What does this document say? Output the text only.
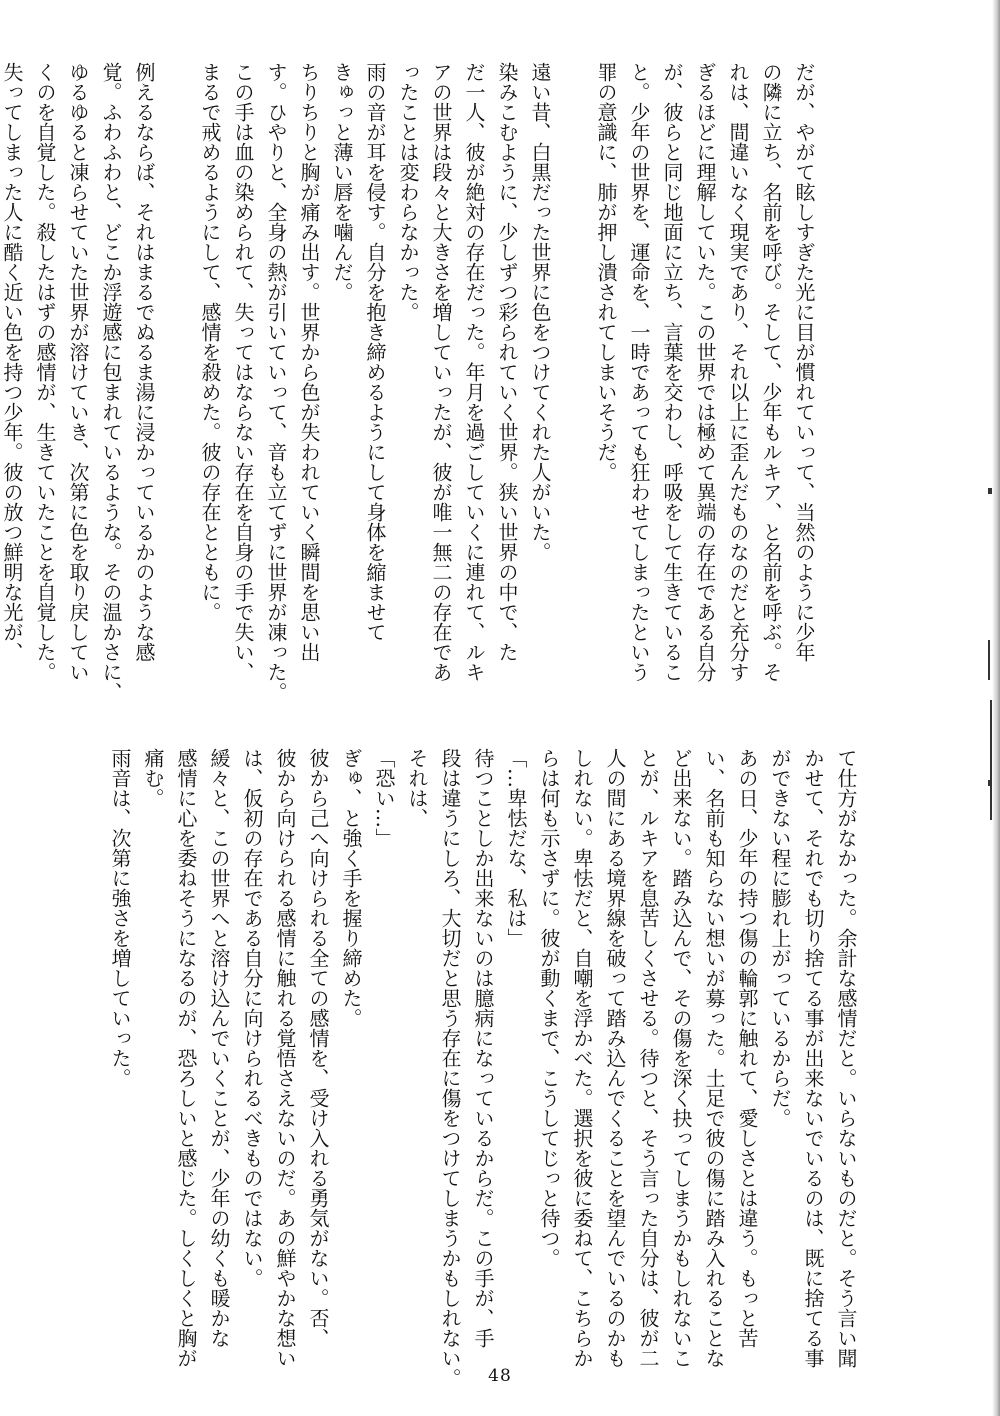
だが、やがて眩しすぎた光に目が慣れていって、当然のように少年
の隣に立ち、名前を呼び。そして、少年もルキア、と名前を呼ぶ。そ
れは、間違いなく現実であり、それ以上に歪んだものなのだと充分す
ぎるほどに理解していた。この世界では極めて異端の存在である自分
が、彼らと同じ地面に立ち、言葉を交わし、呼吸をして生きているこ
と。少年の世界を、運命を、一時であっても狂わせてしまったという
罪の意識に、肺が押し潰されてしまいそうだ。

遠い昔、白黒だった世界に色をつけてくれた人がいた。
染みこむように、少しずつ彩られていく世界。狭い世界の中で、た
だ一人、彼が絶対の存在だった。年月を過ごしていくに連れて、ルキ
アの世界は段々と大きさを増していったが、彼が唯一無二の存在であ
ったことは変わらなかった。
雨の音が耳を侵す。自分を抱き締めるようにして身体を縮ませて
きゅっと薄い唇を噛んだ。
ちりちりと胸が痛み出す。世界から色が失われていく瞬間を思い出
す。ひやりと、全身の熱が引いていって、音も立てずに世界が凍った。
この手は血の染められて、失ってはならない存在を自身の手で失い、
まるで戒めるようにして、感情を殺めた。彼の存在とともに。

例えるならば、それはまるでぬるま湯に浸かっているかのような感
覚。ふわふわと、どこか浮遊感に包まれているような。その温かさに、
ゆるゆると凍らせていた世界が溶けていき、次第に色を取り戻してい
くのを自覚した。殺したはずの感情が、生きていたことを自覚した。
失ってしまった人に酷く近い色を持つ少年。彼の放つ鮮明な光が、
て仕方がなかった。余計な感情だと。いらないものだと。そう言い聞
かせて、それでも切り捨てる事が出来ないでいるのは、既に捨てる事
ができない程に膨れ上がっているからだ。
あの日、少年の持つ傷の輪郭に触れて、愛しさとは違う。もっと苦
い、名前も知らない想いが募った。土足で彼の傷に踏み入れることな
ど出来ない。踏み込んで、その傷を深く抉ってしまうかもしれないこ
とが、ルキアを息苦しくさせる。待つと、そう言った自分は、彼が二
人の間にある境界線を破って踏み込んでくることを望んでいるのかも
しれない。卑怯だと、自嘲を浮かべた。選択を彼に委ねて、こちらか
らは何も示さずに。彼が動くまで、こうしてじっと待つ。
「…卑怯だな、私は」
待つことしか出来ないのは臆病になっているからだ。この手が、手
段は違うにしろ、大切だと思う存在に傷をつけてしまうかもしれない。
それは、
「恐い…」
ぎゅ、と強く手を握り締めた。
彼から己へ向けられる全ての感情を、受け入れる勇気がない。否、
彼から向けられる感情に触れる覚悟さえないのだ。あの鮮やかな想い
は、仮初の存在である自分に向けられるべきものではない。
緩々と、この世界へと溶け込んでいくことが、少年の幼くも暖かな
感情に心を委ねそうになるのが、恐ろしいと感じた。しくしくと胸が
痛む。
雨音は、次第に強さを増していった。
48
